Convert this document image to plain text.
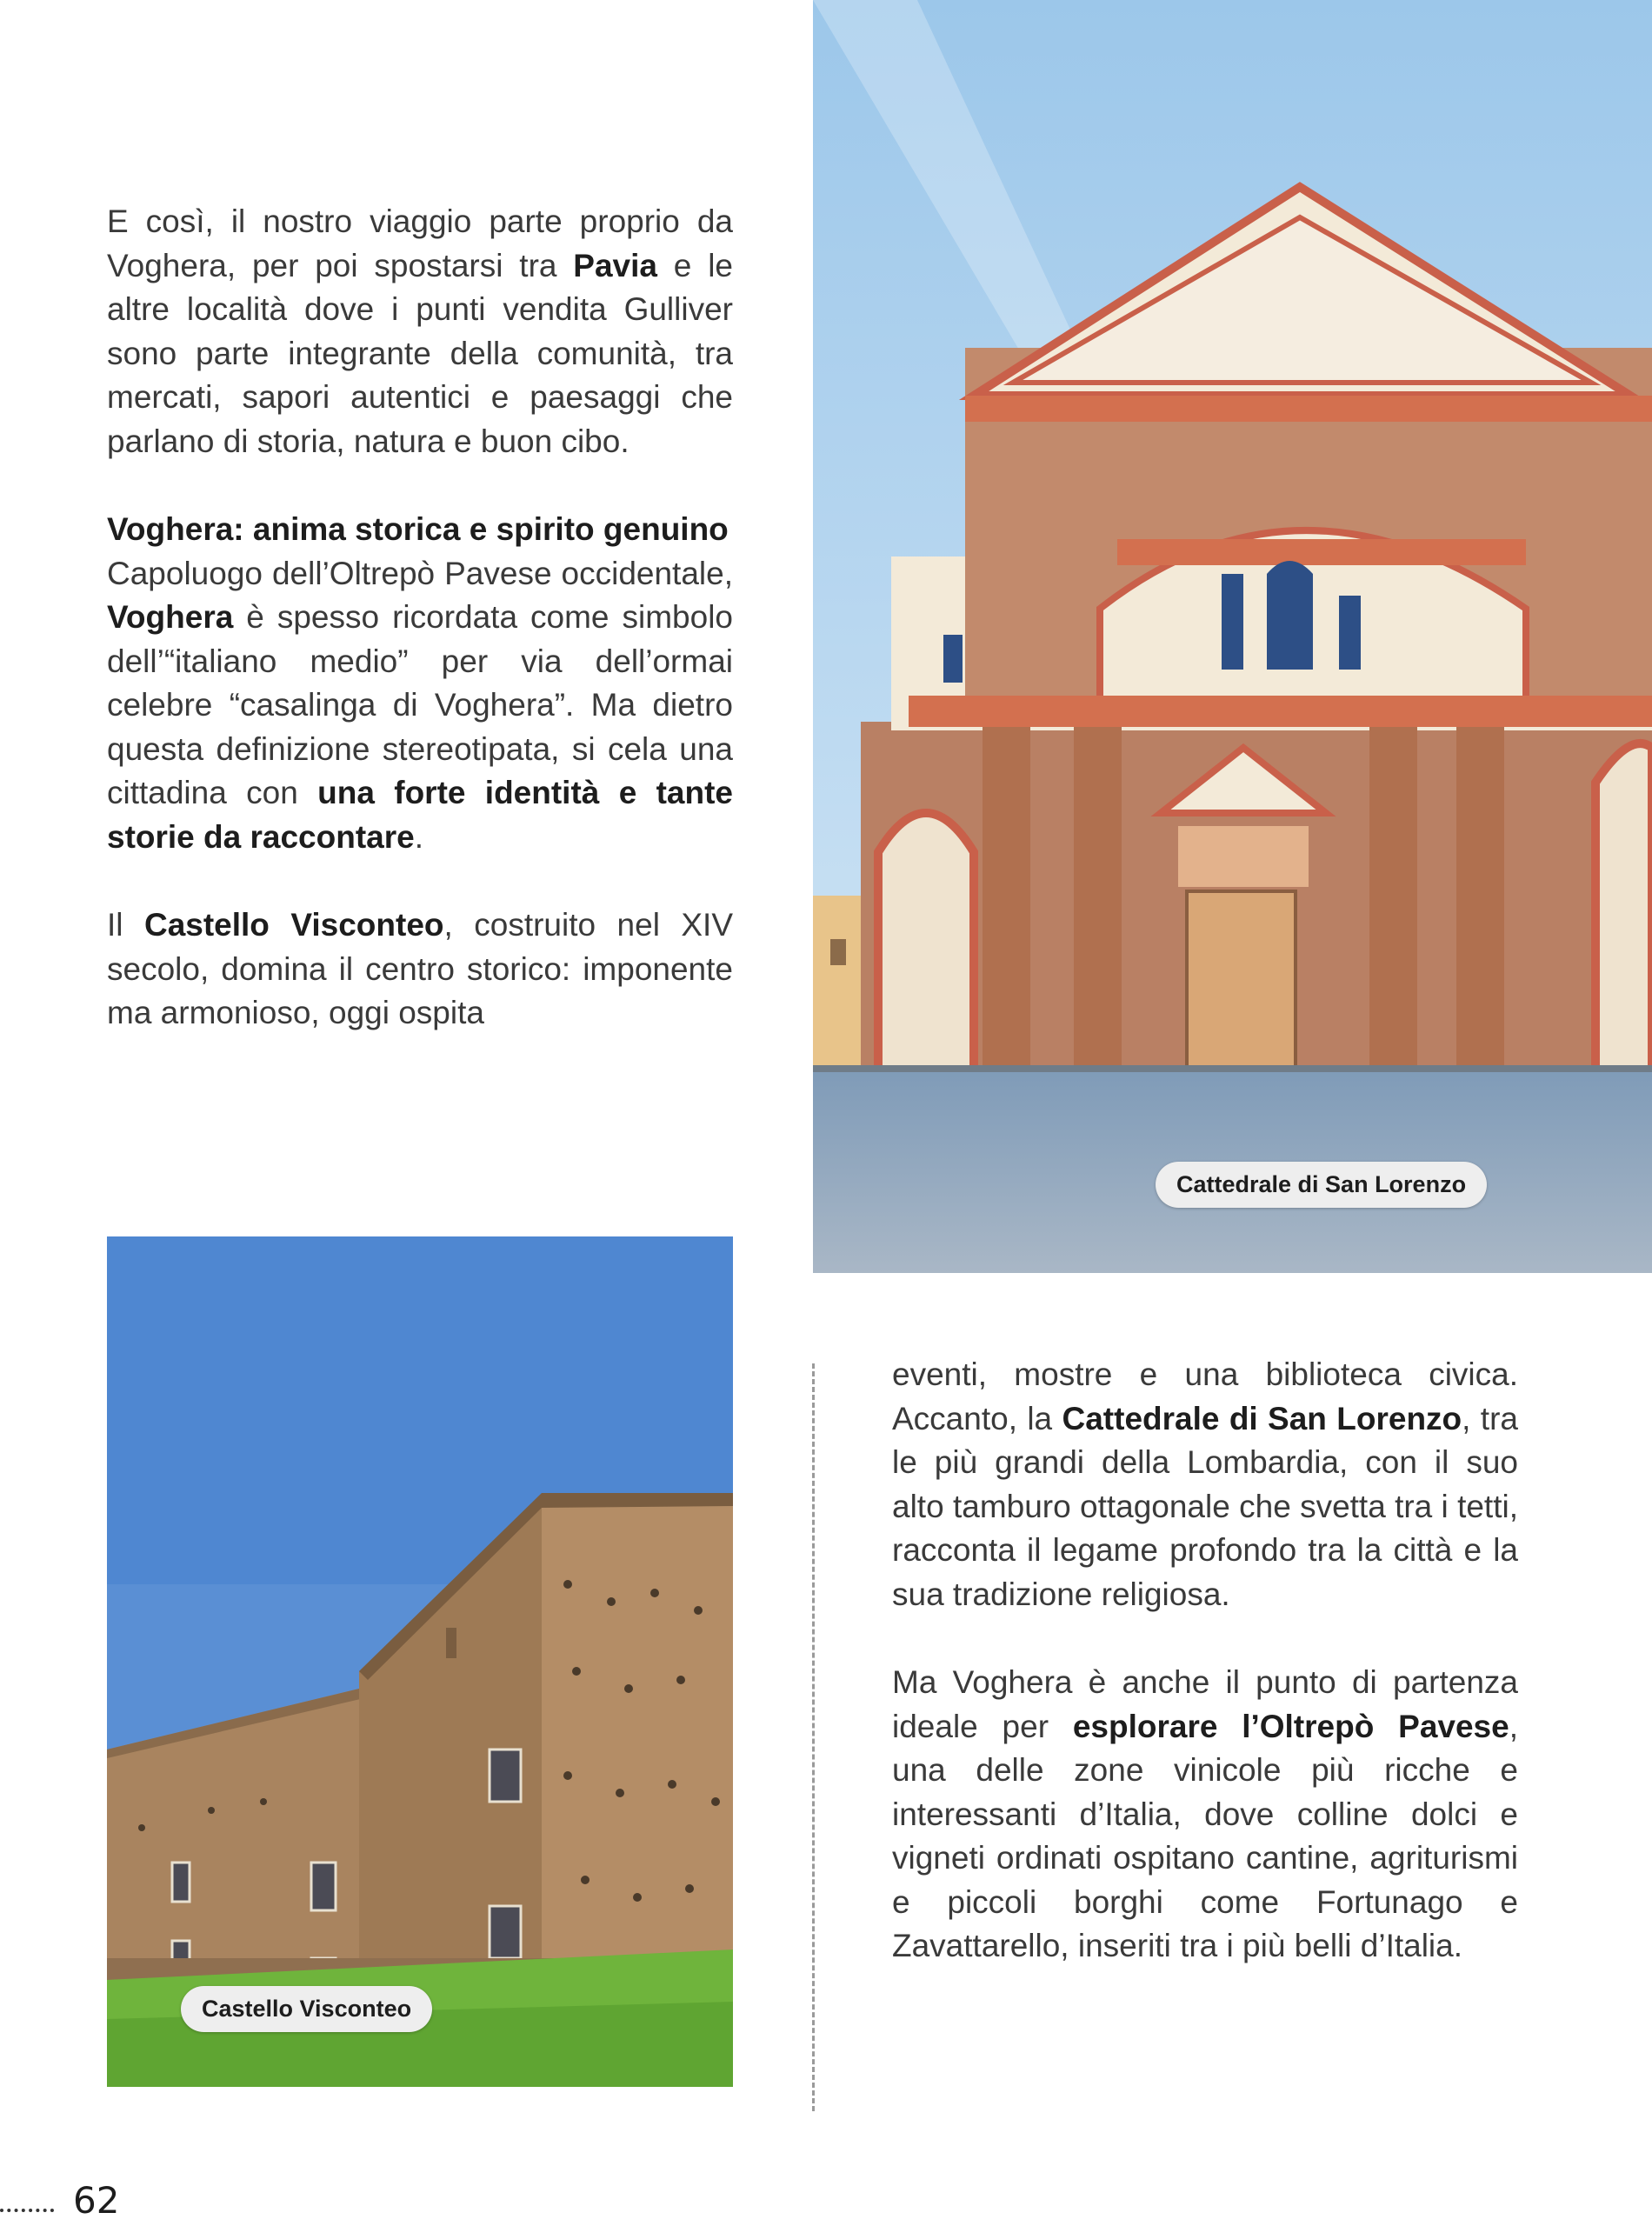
E così, il nostro viaggio parte proprio da Voghera, per poi spostarsi tra Pavia e le altre località dove i punti vendita Gulliver sono parte integrante della comunità, tra mercati, sapori autentici e paesaggi che parlano di storia, natura e buon cibo.

Voghera: anima storica e spirito genuino

Capoluogo dell’Oltrepò Pavese occidentale, Voghera è spesso ricordata come simbolo dell’“italiano medio” per via dell’ormai celebre “casalinga di Voghera”. Ma dietro questa definizione stereotipata, si cela una cittadina con una forte identità e tante storie da raccontare.

Il Castello Visconteo, costruito nel XIV secolo, domina il centro storico: imponente ma armonioso, oggi ospita

Cattedrale di San Lorenzo
Castello Visconteo

eventi, mostre e una biblioteca civica. Accanto, la Cattedrale di San Lorenzo, tra le più grandi della Lombardia, con il suo alto tamburo ottagonale che svetta tra i tetti, racconta il legame profondo tra la città e la sua tradizione religiosa.

Ma Voghera è anche il punto di partenza ideale per esplorare l’Oltrepò Pavese, una delle zone vinicole più ricche e interessanti d’Italia, dove colline dolci e vigneti ordinati ospitano cantine, agriturismi e piccoli borghi come Fortunago e Zavattarello, inseriti tra i più belli d’Italia.

62
